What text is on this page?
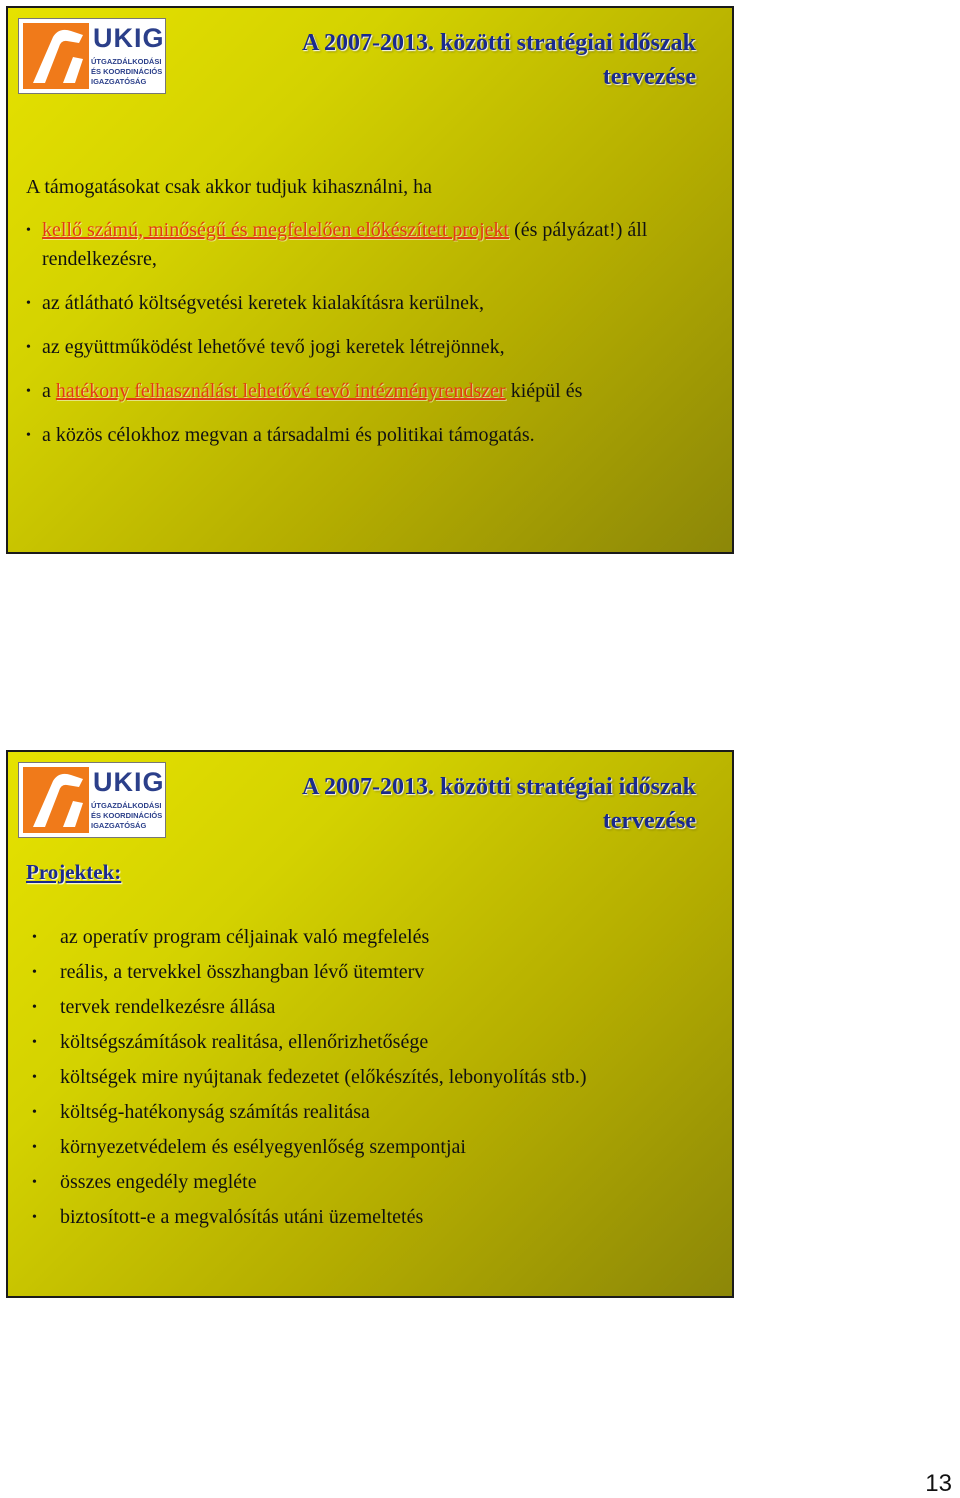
UKIG
ÚTGAZDÁLKODÁSI
ÉS KOORDINÁCIÓS
IGAZGATÓSÁG
A 2007-2013. közötti stratégiai időszak
tervezése
A támogatásokat csak akkor tudjuk kihasználni, ha
• kellő számú, minőségű és megfelelően előkészített projekt (és pályázat!) áll rendelkezésre,
• az átlátható költségvetési keretek kialakításra kerülnek,
• az együttműködést lehetővé tevő jogi keretek létrejönnek,
• a hatékony felhasználást lehetővé tevő intézményrendszer kiépül és
• a közös célokhoz megvan a társadalmi és politikai támogatás.
UKIG
ÚTGAZDÁLKODÁSI
ÉS KOORDINÁCIÓS
IGAZGATÓSÁG
A 2007-2013. közötti stratégiai időszak
tervezése
Projektek:
• az operatív program céljainak való megfelelés
• reális, a tervekkel összhangban lévő ütemterv
• tervek rendelkezésre állása
• költségszámítások realitása, ellenőrizhetősége
• költségek mire nyújtanak fedezetet (előkészítés, lebonyolítás stb.)
• költség-hatékonyság számítás realitása
• környezetvédelem és esélyegyenlőség szempontjai
• összes engedély megléte
• biztosított-e a megvalósítás utáni üzemeltetés
13
